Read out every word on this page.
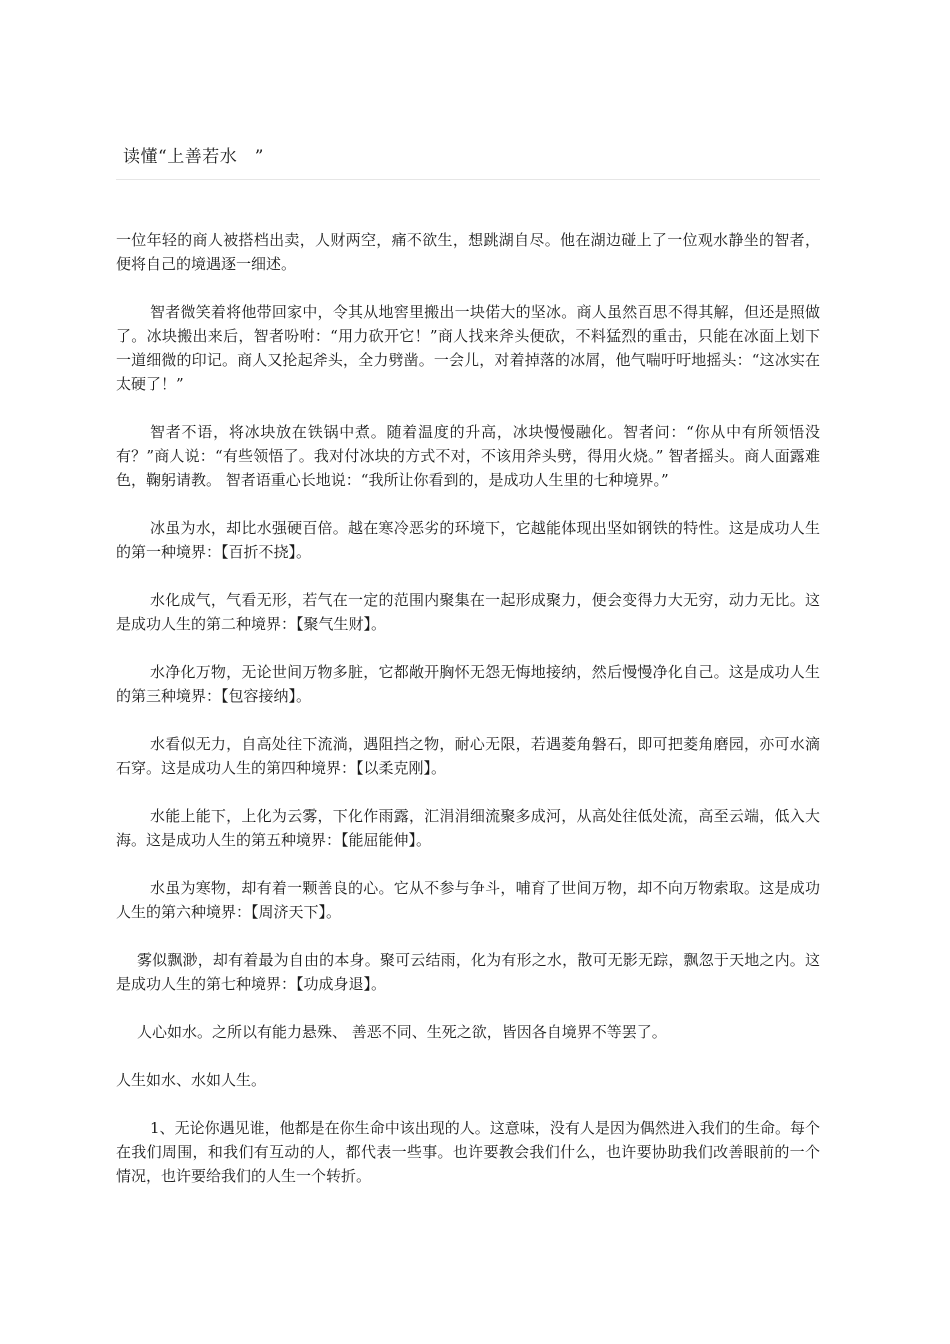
读懂“上善若水　”

一位年轻的商人被搭档出卖，人财两空，痛不欲生，想跳湖自尽。他在湖边碰上了一位观水静坐的智者，便将自己的境遇逐一细述。

智者微笑着将他带回家中，令其从地窖里搬出一块偌大的坚冰。商人虽然百思不得其解，但还是照做了。冰块搬出来后，智者吩咐：“用力砍开它！”商人找来斧头便砍，不料猛烈的重击，只能在冰面上划下一道细微的印记。商人又抡起斧头，全力劈凿。一会儿，对着掉落的冰屑，他气喘吁吁地摇头：“这冰实在太硬了！”

智者不语，将冰块放在铁锅中煮。随着温度的升高，冰块慢慢融化。智者问：“你从中有所领悟没有？”商人说：“有些领悟了。我对付冰块的方式不对，不该用斧头劈，得用火烧。” 智者摇头。商人面露难色，鞠躬请教。 智者语重心长地说：“我所让你看到的，是成功人生里的七种境界。”

冰虽为水，却比水强硬百倍。越在寒冷恶劣的环境下，它越能体现出坚如钢铁的特性。这是成功人生的第一种境界：【百折不挠】。

水化成气，气看无形，若气在一定的范围内聚集在一起形成聚力，便会变得力大无穷，动力无比。这是成功人生的第二种境界：【聚气生财】。

水净化万物，无论世间万物多脏，它都敞开胸怀无怨无悔地接纳，然后慢慢净化自己。这是成功人生的第三种境界：【包容接纳】。

水看似无力，自高处往下流淌，遇阻挡之物，耐心无限，若遇菱角磐石，即可把菱角磨园，亦可水滴石穿。这是成功人生的第四种境界：【以柔克刚】。

水能上能下，上化为云雾，下化作雨露，汇涓涓细流聚多成河，从高处往低处流，高至云端，低入大海。这是成功人生的第五种境界：【能屈能伸】。

水虽为寒物，却有着一颗善良的心。它从不参与争斗，哺育了世间万物，却不向万物索取。这是成功人生的第六种境界：【周济天下】。

雾似飘渺，却有着最为自由的本身。聚可云结雨，化为有形之水，散可无影无踪，飘忽于天地之内。这是成功人生的第七种境界：【功成身退】。

人心如水。之所以有能力悬殊、 善恶不同、生死之欲，皆因各自境界不等罢了。

人生如水、水如人生。

1、无论你遇见谁，他都是在你生命中该出现的人。这意味，没有人是因为偶然进入我们的生命。每个在我们周围，和我们有互动的人，都代表一些事。也许要教会我们什么，也许要协助我们改善眼前的一个情况，也许要给我们的人生一个转折。
